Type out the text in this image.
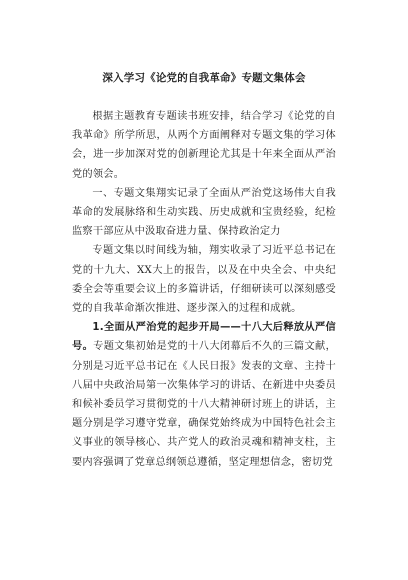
深入学习《论党的自我革命》专题文集体会

根据主题教育专题读书班安排，结合学习《论党的自我革命》所学所思，从两个方面阐释对专题文集的学习体会，进一步加深对党的创新理论尤其是十年来全面从严治党的领会。

一、专题文集翔实记录了全面从严治党这场伟大自我革命的发展脉络和生动实践、历史成就和宝贵经验，纪检监察干部应从中汲取奋进力量、保持政治定力

专题文集以时间线为轴，翔实收录了习近平总书记在党的十九大、XX大上的报告，以及在中央全会、中央纪委全会等重要会议上的多篇讲话，仔细研读可以深刻感受党的自我革命渐次推进、逐步深入的过程和成就。

1.全面从严治党的起步开局——十八大后释放从严信号。专题文集初始是党的十八大闭幕后不久的三篇文献，分别是习近平总书记在《人民日报》发表的文章、主持十八届中央政治局第一次集体学习的讲话、在新进中央委员和候补委员学习贯彻党的十八大精神研讨班上的讲话，主题分别是学习遵守党章，确保党始终成为中国特色社会主义事业的领导核心、共产党人的政治灵魂和精神支柱，主要内容强调了党章总纲领总遵循，坚定理想信念，密切党
